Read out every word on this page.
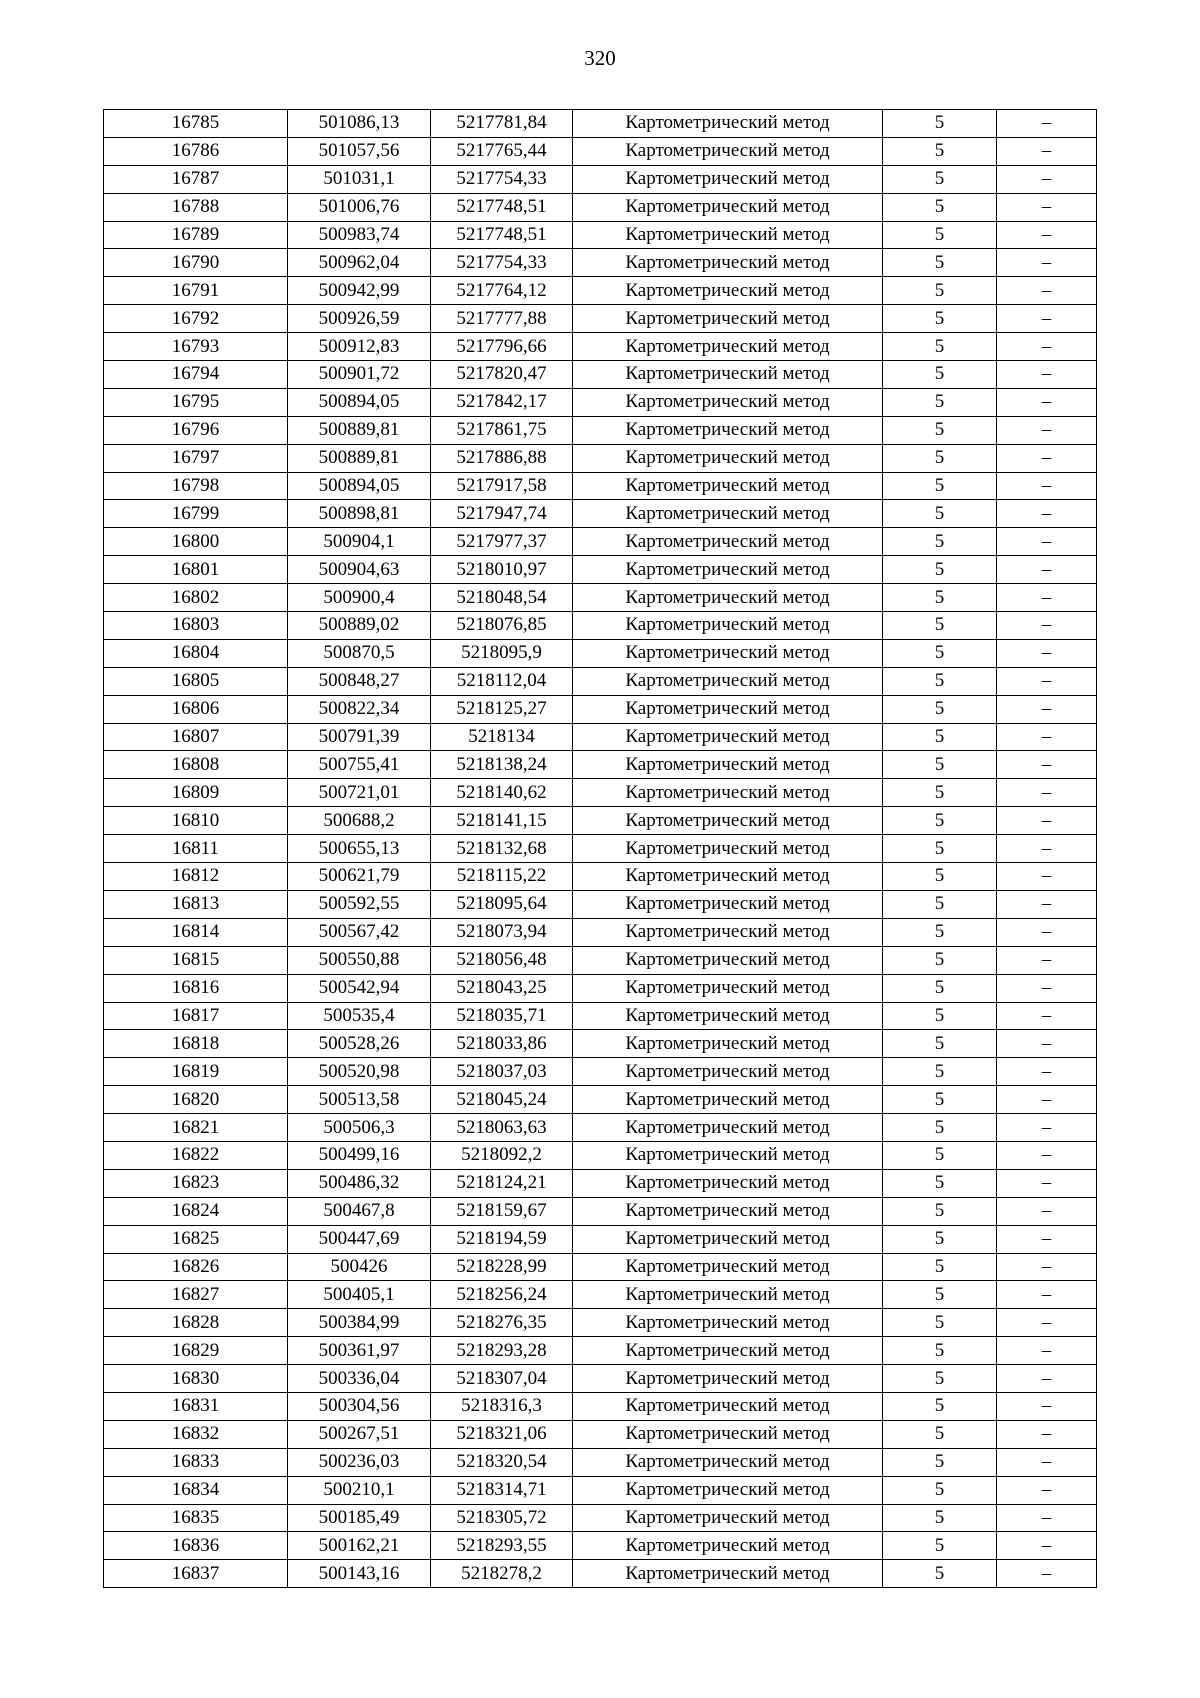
320
16785	501086,13	5217781,84	Картометрический метод	5	–
16786	501057,56	5217765,44	Картометрический метод	5	–
16787	501031,1	5217754,33	Картометрический метод	5	–
16788	501006,76	5217748,51	Картометрический метод	5	–
16789	500983,74	5217748,51	Картометрический метод	5	–
16790	500962,04	5217754,33	Картометрический метод	5	–
16791	500942,99	5217764,12	Картометрический метод	5	–
16792	500926,59	5217777,88	Картометрический метод	5	–
16793	500912,83	5217796,66	Картометрический метод	5	–
16794	500901,72	5217820,47	Картометрический метод	5	–
16795	500894,05	5217842,17	Картометрический метод	5	–
16796	500889,81	5217861,75	Картометрический метод	5	–
16797	500889,81	5217886,88	Картометрический метод	5	–
16798	500894,05	5217917,58	Картометрический метод	5	–
16799	500898,81	5217947,74	Картометрический метод	5	–
16800	500904,1	5217977,37	Картометрический метод	5	–
16801	500904,63	5218010,97	Картометрический метод	5	–
16802	500900,4	5218048,54	Картометрический метод	5	–
16803	500889,02	5218076,85	Картометрический метод	5	–
16804	500870,5	5218095,9	Картометрический метод	5	–
16805	500848,27	5218112,04	Картометрический метод	5	–
16806	500822,34	5218125,27	Картометрический метод	5	–
16807	500791,39	5218134	Картометрический метод	5	–
16808	500755,41	5218138,24	Картометрический метод	5	–
16809	500721,01	5218140,62	Картометрический метод	5	–
16810	500688,2	5218141,15	Картометрический метод	5	–
16811	500655,13	5218132,68	Картометрический метод	5	–
16812	500621,79	5218115,22	Картометрический метод	5	–
16813	500592,55	5218095,64	Картометрический метод	5	–
16814	500567,42	5218073,94	Картометрический метод	5	–
16815	500550,88	5218056,48	Картометрический метод	5	–
16816	500542,94	5218043,25	Картометрический метод	5	–
16817	500535,4	5218035,71	Картометрический метод	5	–
16818	500528,26	5218033,86	Картометрический метод	5	–
16819	500520,98	5218037,03	Картометрический метод	5	–
16820	500513,58	5218045,24	Картометрический метод	5	–
16821	500506,3	5218063,63	Картометрический метод	5	–
16822	500499,16	5218092,2	Картометрический метод	5	–
16823	500486,32	5218124,21	Картометрический метод	5	–
16824	500467,8	5218159,67	Картометрический метод	5	–
16825	500447,69	5218194,59	Картометрический метод	5	–
16826	500426	5218228,99	Картометрический метод	5	–
16827	500405,1	5218256,24	Картометрический метод	5	–
16828	500384,99	5218276,35	Картометрический метод	5	–
16829	500361,97	5218293,28	Картометрический метод	5	–
16830	500336,04	5218307,04	Картометрический метод	5	–
16831	500304,56	5218316,3	Картометрический метод	5	–
16832	500267,51	5218321,06	Картометрический метод	5	–
16833	500236,03	5218320,54	Картометрический метод	5	–
16834	500210,1	5218314,71	Картометрический метод	5	–
16835	500185,49	5218305,72	Картометрический метод	5	–
16836	500162,21	5218293,55	Картометрический метод	5	–
16837	500143,16	5218278,2	Картометрический метод	5	–
